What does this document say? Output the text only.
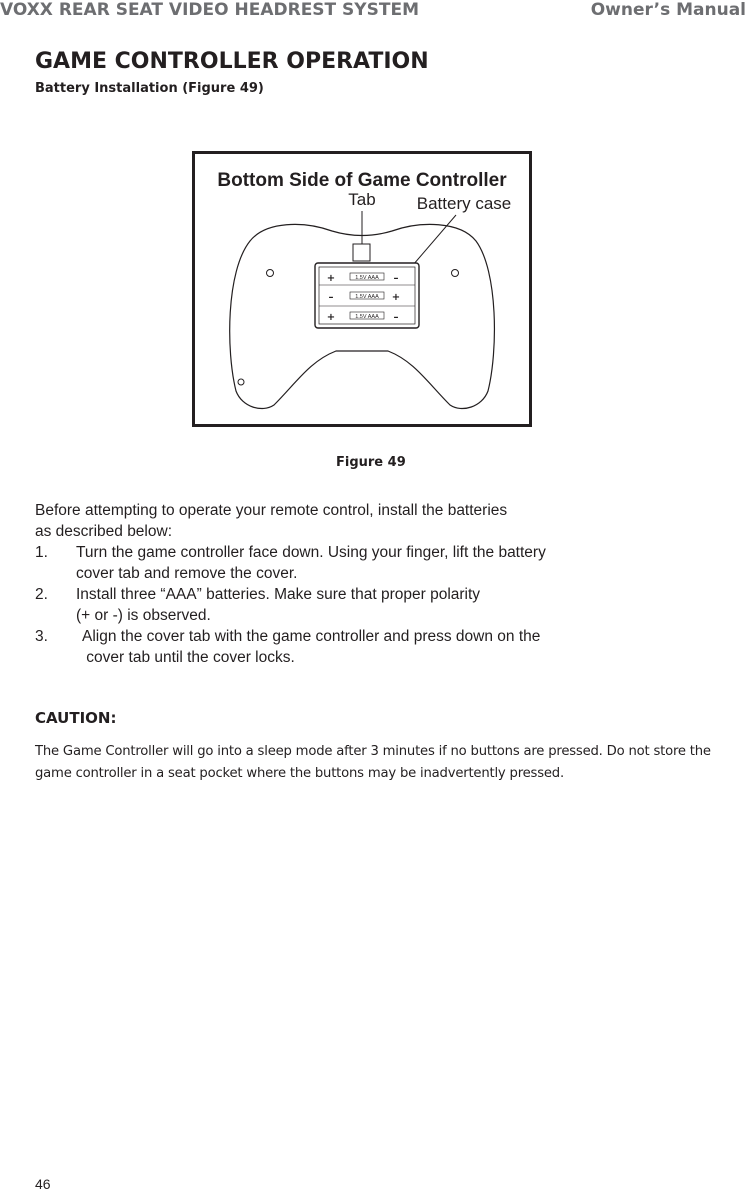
VOXX REAR SEAT VIDEO HEADREST SYSTEM	Owner’s Manual
GAME CONTROLLER OPERATION
Battery Installation (Figure 49)
Bottom Side of Game Controller
Tab Battery case
1.5V AAA
+	–
1.5V AAA
–	+
1.5V AAA
+	–
Figure 49

Before attempting to operate your remote control, install the batteries

as described below:

1.	Turn the game controller face down. Using your finger, lift the battery
cover tab and remove the cover.
2.	Install three “AAA” batteries. Make sure that proper polarity
(+ or -) is observed.
3.	Align the cover tab with the game controller and press down on the
cover tab until the cover locks.
CAUTION:
The Game Controller will go into a sleep mode after 3 minutes if no buttons are pressed. Do not store the game controller in a seat pocket where the buttons may be inadvertently pressed.
46
